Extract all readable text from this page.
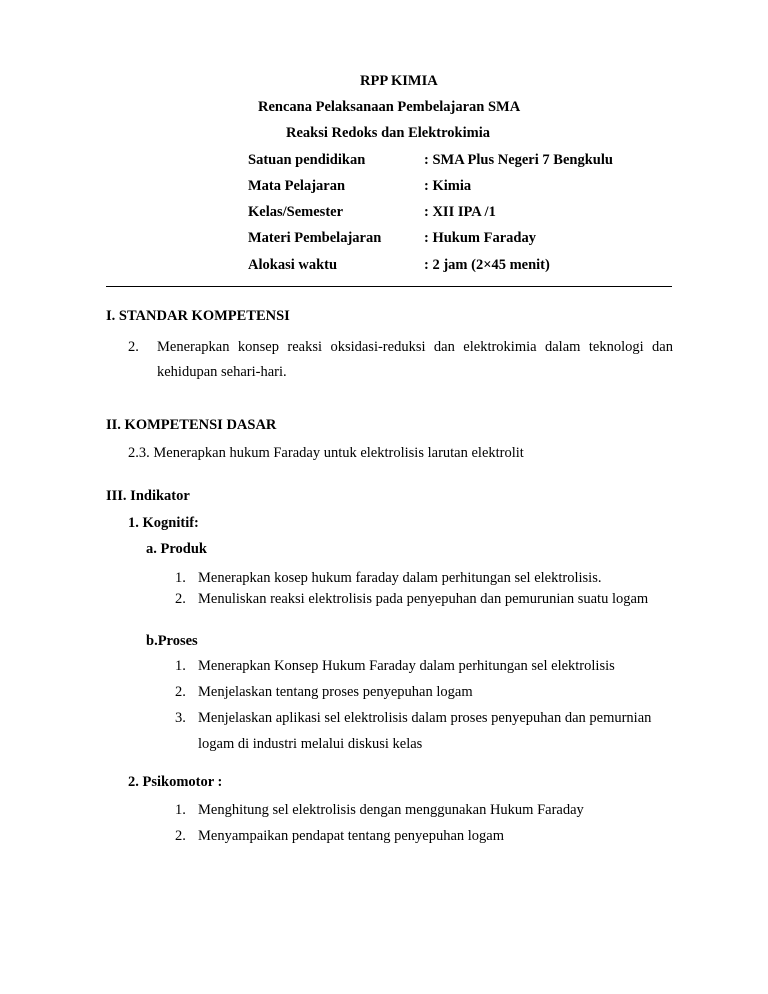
RPP KIMIA
Rencana Pelaksanaan Pembelajaran SMA
Reaksi Redoks dan Elektrokimia
Satuan pendidikan	: SMA Plus Negeri 7 Bengkulu
Mata Pelajaran	: Kimia
Kelas/Semester	: XII IPA /1
Materi Pembelajaran	: Hukum Faraday
Alokasi waktu	: 2 jam (2×45 menit)
I. STANDAR KOMPETENSI
2. Menerapkan konsep reaksi oksidasi-reduksi dan elektrokimia dalam teknologi dan
kehidupan sehari-hari.
II. KOMPETENSI DASAR
2.3. Menerapkan hukum Faraday untuk elektrolisis larutan elektrolit
III. Indikator
1. Kognitif:
a. Produk
1. Menerapkan kosep hukum faraday dalam perhitungan sel elektrolisis.
2. Menuliskan reaksi elektrolisis pada penyepuhan dan pemurunian suatu logam
b.Proses
1. Menerapkan Konsep Hukum Faraday dalam perhitungan sel elektrolisis
2. Menjelaskan tentang proses penyepuhan logam
3. Menjelaskan aplikasi sel elektrolisis dalam proses penyepuhan dan pemurnian
logam di industri melalui diskusi kelas
2. Psikomotor :
1. Menghitung sel elektrolisis dengan menggunakan Hukum Faraday
2. Menyampaikan pendapat tentang penyepuhan logam
